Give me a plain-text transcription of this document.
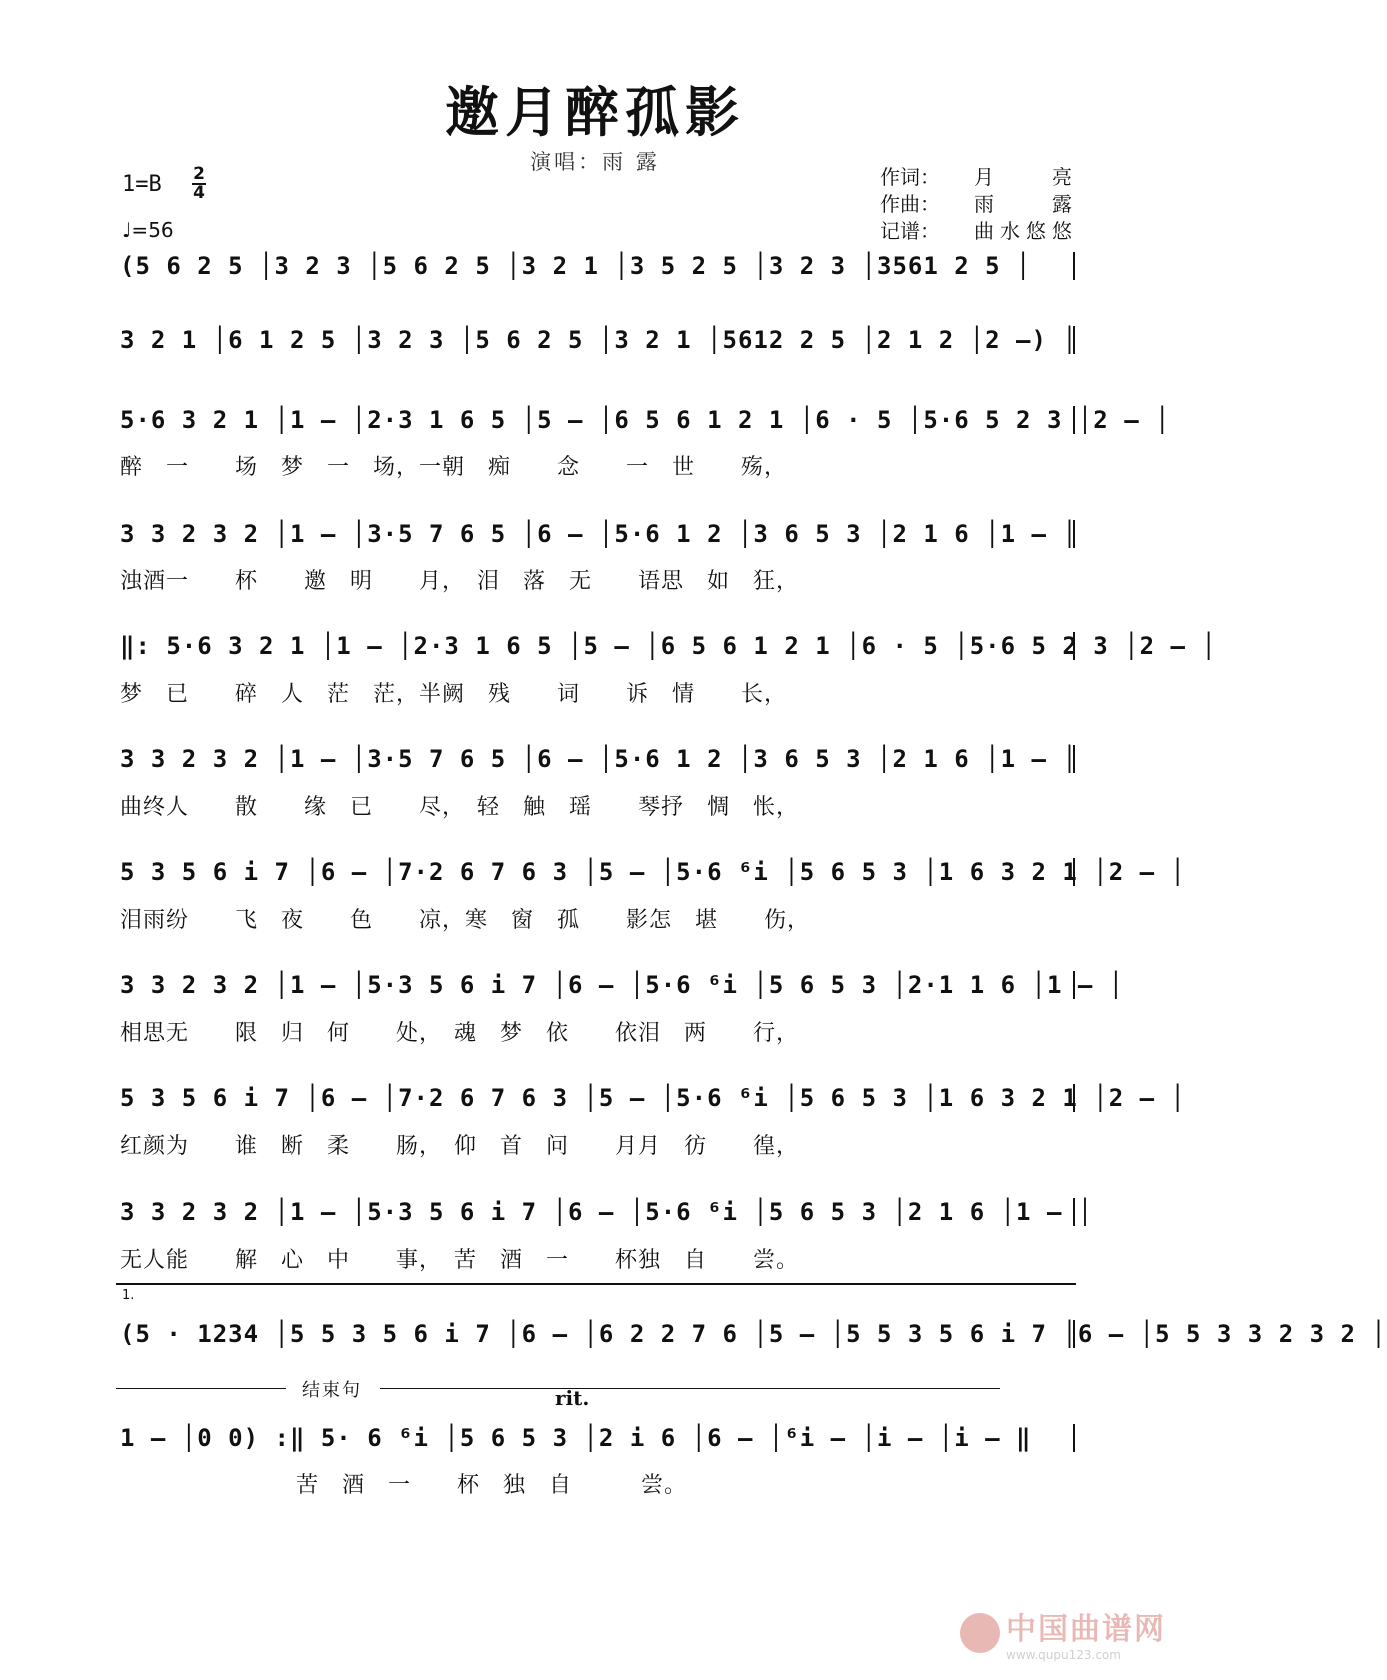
邀月醉孤影
演唱：雨 露
1=B 2
4
♩=56
作词：	月 亮
作曲：	雨 露
记谱：	曲水悠悠
(5 6 2 5 │3 2 3 │5 6 2 5 │3 2 1 │3 5 2 5 │3 2 3 │3561 2 5 │
3 2 1 │6 1 2 5 │3 2 3 │5 6 2 5 │3 2 1 │5612 2 5 │2 1 2 │2 –) │
5·6 3 2 1 │1 – │2·3 1 6 5 │5 – │6 5 6 1 2 1 │6 · 5 │5·6 5 2 3 │2 – │
醉　一　　场　梦　一　场，一朝　痴　　念　　一　世　　殇，
3 3 2 3 2 │1 – │3·5 7 6 5 │6 – │5·6 1 2 │3 6 5 3 │2 1 6 │1 – │
浊酒一　　杯　　邀　明　　月，　泪　落　无　　语思　如　狂，
‖: 5·6 3 2 1 │1 – │2·3 1 6 5 │5 – │6 5 6 1 2 1 │6 · 5 │5·6 5 2 3 │2 – │
梦　已　　碎　人　茫　茫，半阙　残　　词　　诉　情　　长，
3 3 2 3 2 │1 – │3·5 7 6 5 │6 – │5·6 1 2 │3 6 5 3 │2 1 6 │1 – │
曲终人　　散　　缘　已　　尽，　轻　触　瑶　　琴抒　惆　怅，
5 3 5 6 i 7 │6 – │7·2 6 7 6 3 │5 – │5·6 ⁶i │5 6 5 3 │1 6 3 2 1 │2 – │
泪雨纷　　飞　夜　　色　　凉，寒　窗　孤　　影怎　堪　　伤，
3 3 2 3 2 │1 – │5·3 5 6 i 7 │6 – │5·6 ⁶i │5 6 5 3 │2·1 1 6 │1 – │
相思无　　限　归　何　　处，　魂　梦　依　　依泪　两　　行，
5 3 5 6 i 7 │6 – │7·2 6 7 6 3 │5 – │5·6 ⁶i │5 6 5 3 │1 6 3 2 1 │2 – │
红颜为　　谁　断　柔　　肠，　仰　首　问　　月月　彷　　徨，
3 3 2 3 2 │1 – │5·3 5 6 i 7 │6 – │5·6 ⁶i │5 6 5 3 │2 1 6 │1 – │
无人能　　解　心　中　　事，　苦　酒　一　　杯独　自　　尝。
1.
(5 · 1234 │5 5 3 5 6 i 7 │6 – │6 2 2 7 6 │5 – │5 5 3 5 6 i 7 │6 – │5 5 3 3 2 3 2 │
结束句	rit.
1 – │0 0) :‖ 5· 6 ⁶i │5 6 5 3 │2 i 6 │6 – │⁶i – │i – │i – ‖
苦　酒　一　　杯　独　自　　　尝。
中国曲谱网
www.qupu123.com
